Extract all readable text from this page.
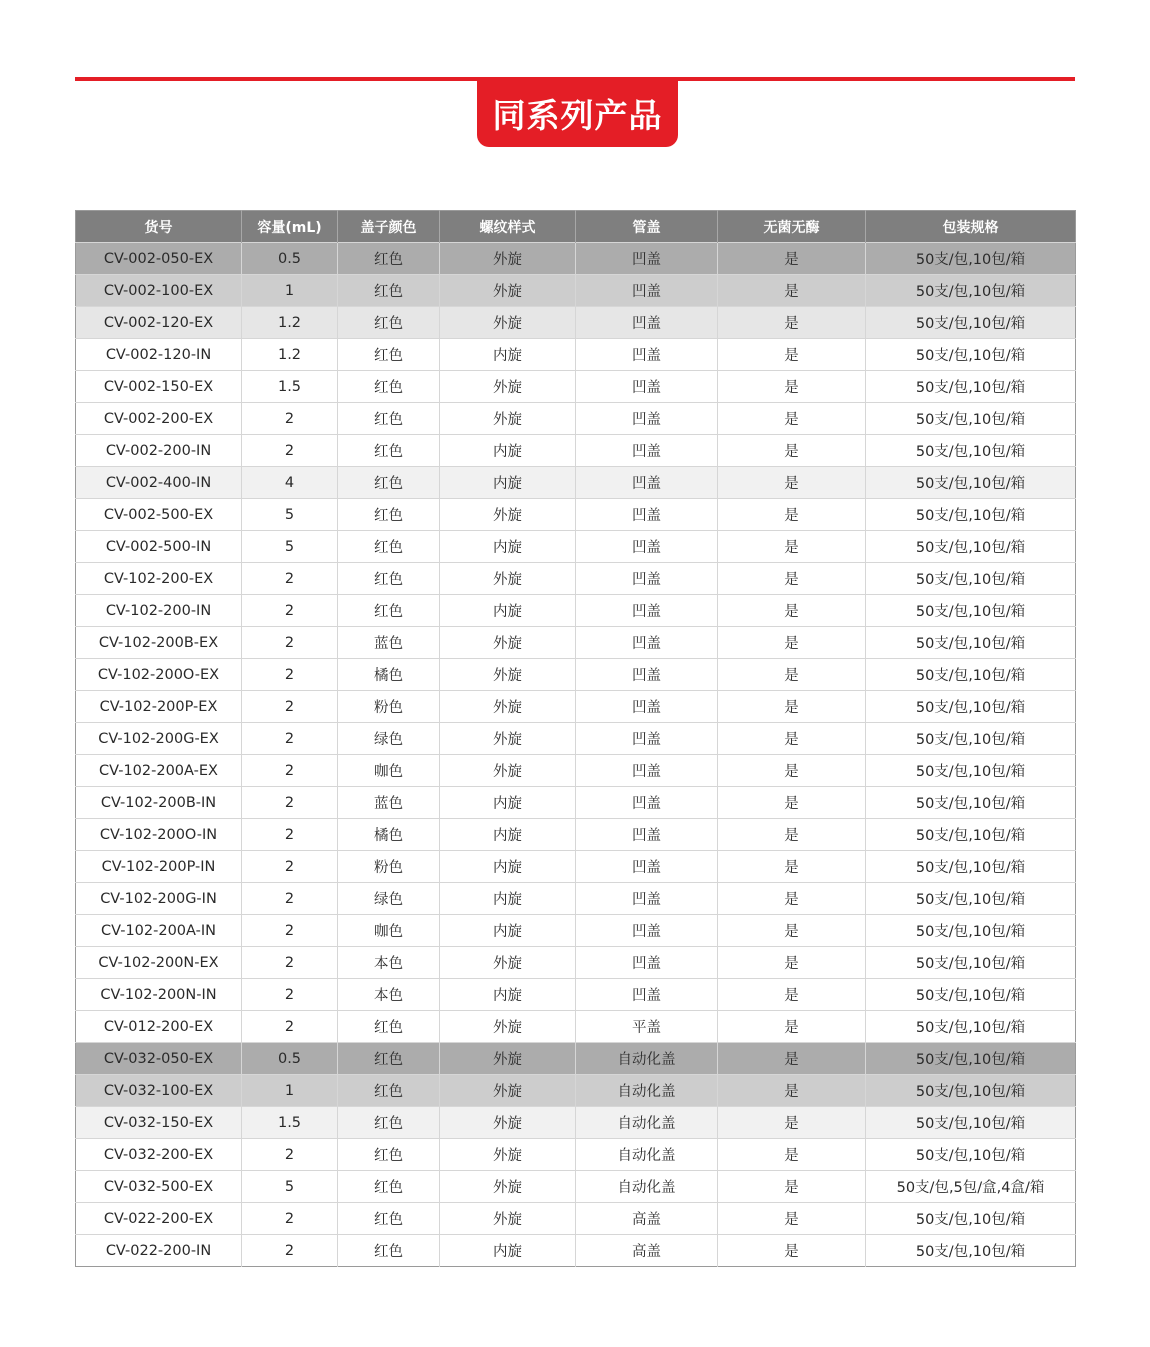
同系列产品
货号	容量(mL)	盖子颜色	螺纹样式	管盖	无菌无酶	包装规格
CV-002-050-EX	0.5	红色	外旋	凹盖	是	50支/包,10包/箱
CV-002-100-EX	1	红色	外旋	凹盖	是	50支/包,10包/箱
CV-002-120-EX	1.2	红色	外旋	凹盖	是	50支/包,10包/箱
CV-002-120-IN	1.2	红色	内旋	凹盖	是	50支/包,10包/箱
CV-002-150-EX	1.5	红色	外旋	凹盖	是	50支/包,10包/箱
CV-002-200-EX	2	红色	外旋	凹盖	是	50支/包,10包/箱
CV-002-200-IN	2	红色	内旋	凹盖	是	50支/包,10包/箱
CV-002-400-IN	4	红色	内旋	凹盖	是	50支/包,10包/箱
CV-002-500-EX	5	红色	外旋	凹盖	是	50支/包,10包/箱
CV-002-500-IN	5	红色	内旋	凹盖	是	50支/包,10包/箱
CV-102-200-EX	2	红色	外旋	凹盖	是	50支/包,10包/箱
CV-102-200-IN	2	红色	内旋	凹盖	是	50支/包,10包/箱
CV-102-200B-EX	2	蓝色	外旋	凹盖	是	50支/包,10包/箱
CV-102-200O-EX	2	橘色	外旋	凹盖	是	50支/包,10包/箱
CV-102-200P-EX	2	粉色	外旋	凹盖	是	50支/包,10包/箱
CV-102-200G-EX	2	绿色	外旋	凹盖	是	50支/包,10包/箱
CV-102-200A-EX	2	咖色	外旋	凹盖	是	50支/包,10包/箱
CV-102-200B-IN	2	蓝色	内旋	凹盖	是	50支/包,10包/箱
CV-102-200O-IN	2	橘色	内旋	凹盖	是	50支/包,10包/箱
CV-102-200P-IN	2	粉色	内旋	凹盖	是	50支/包,10包/箱
CV-102-200G-IN	2	绿色	内旋	凹盖	是	50支/包,10包/箱
CV-102-200A-IN	2	咖色	内旋	凹盖	是	50支/包,10包/箱
CV-102-200N-EX	2	本色	外旋	凹盖	是	50支/包,10包/箱
CV-102-200N-IN	2	本色	内旋	凹盖	是	50支/包,10包/箱
CV-012-200-EX	2	红色	外旋	平盖	是	50支/包,10包/箱
CV-032-050-EX	0.5	红色	外旋	自动化盖	是	50支/包,10包/箱
CV-032-100-EX	1	红色	外旋	自动化盖	是	50支/包,10包/箱
CV-032-150-EX	1.5	红色	外旋	自动化盖	是	50支/包,10包/箱
CV-032-200-EX	2	红色	外旋	自动化盖	是	50支/包,10包/箱
CV-032-500-EX	5	红色	外旋	自动化盖	是	50支/包,5包/盒,4盒/箱
CV-022-200-EX	2	红色	外旋	高盖	是	50支/包,10包/箱
CV-022-200-IN	2	红色	内旋	高盖	是	50支/包,10包/箱
